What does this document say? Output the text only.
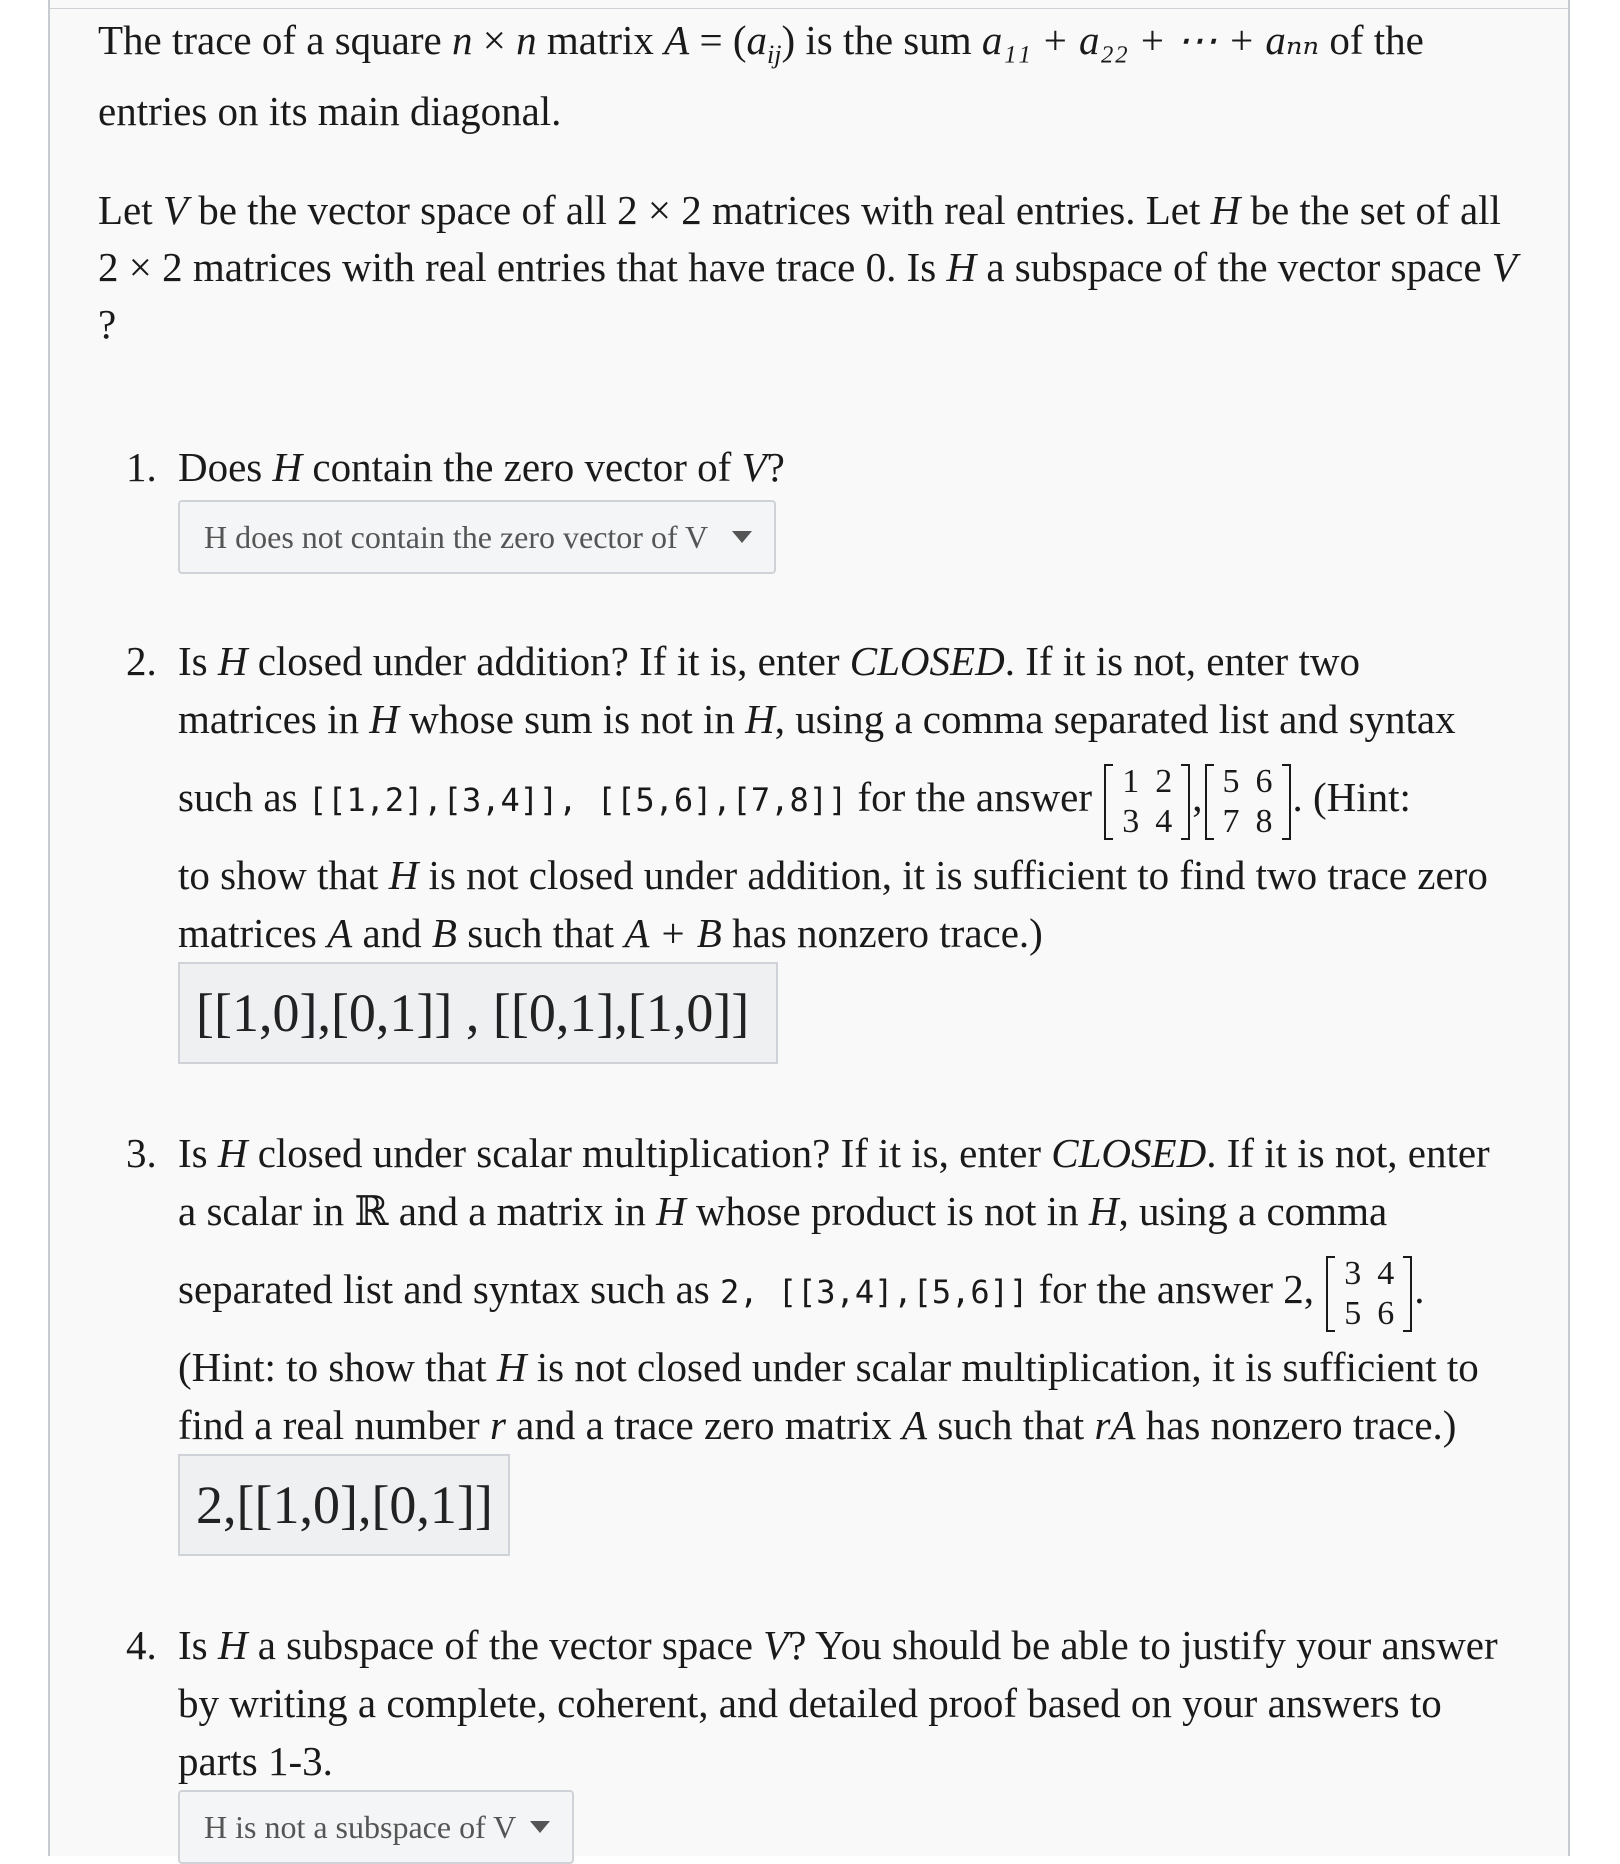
The trace of a square n × n matrix $A = (a_{ij})$ is the sum a₁₁ + a₂₂ + ⋯ + aₙₙ of the
entries on its main diagonal.
Let V be the vector space of all 2 × 2 matrices with real entries. Let H be the set of all
2 × 2 matrices with real entries that have trace 0. Is H a subspace of the vector space V
?
1. Does H contain the zero vector of V?
H does not contain the zero vector of V
2. Is H closed under addition? If it is, enter CLOSED. If it is not, enter two
matrices in H whose sum is not in H, using a comma separated list and syntax
such as [[1,2],[3,4]], [[5,6],[7,8]] for the answer 1	2
3	4
, 5	6
7	8
. (Hint:
to show that H is not closed under addition, it is sufficient to find two trace zero
matrices A and B such that A + B has nonzero trace.)
[[1,0],[0,1]] , [[0,1],[1,0]]
3. Is H closed under scalar multiplication? If it is, enter CLOSED. If it is not, enter
a scalar in ℝ and a matrix in H whose product is not in H, using a comma
separated list and syntax such as 2, [[3,4],[5,6]] for the answer 2, 3	4
5	6
.
(Hint: to show that H is not closed under scalar multiplication, it is sufficient to
find a real number r and a trace zero matrix A such that rA has nonzero trace.)
2,[[1,0],[0,1]]
4. Is H a subspace of the vector space V? You should be able to justify your answer
by writing a complete, coherent, and detailed proof based on your answers to
parts 1-3.
H is not a subspace of V
